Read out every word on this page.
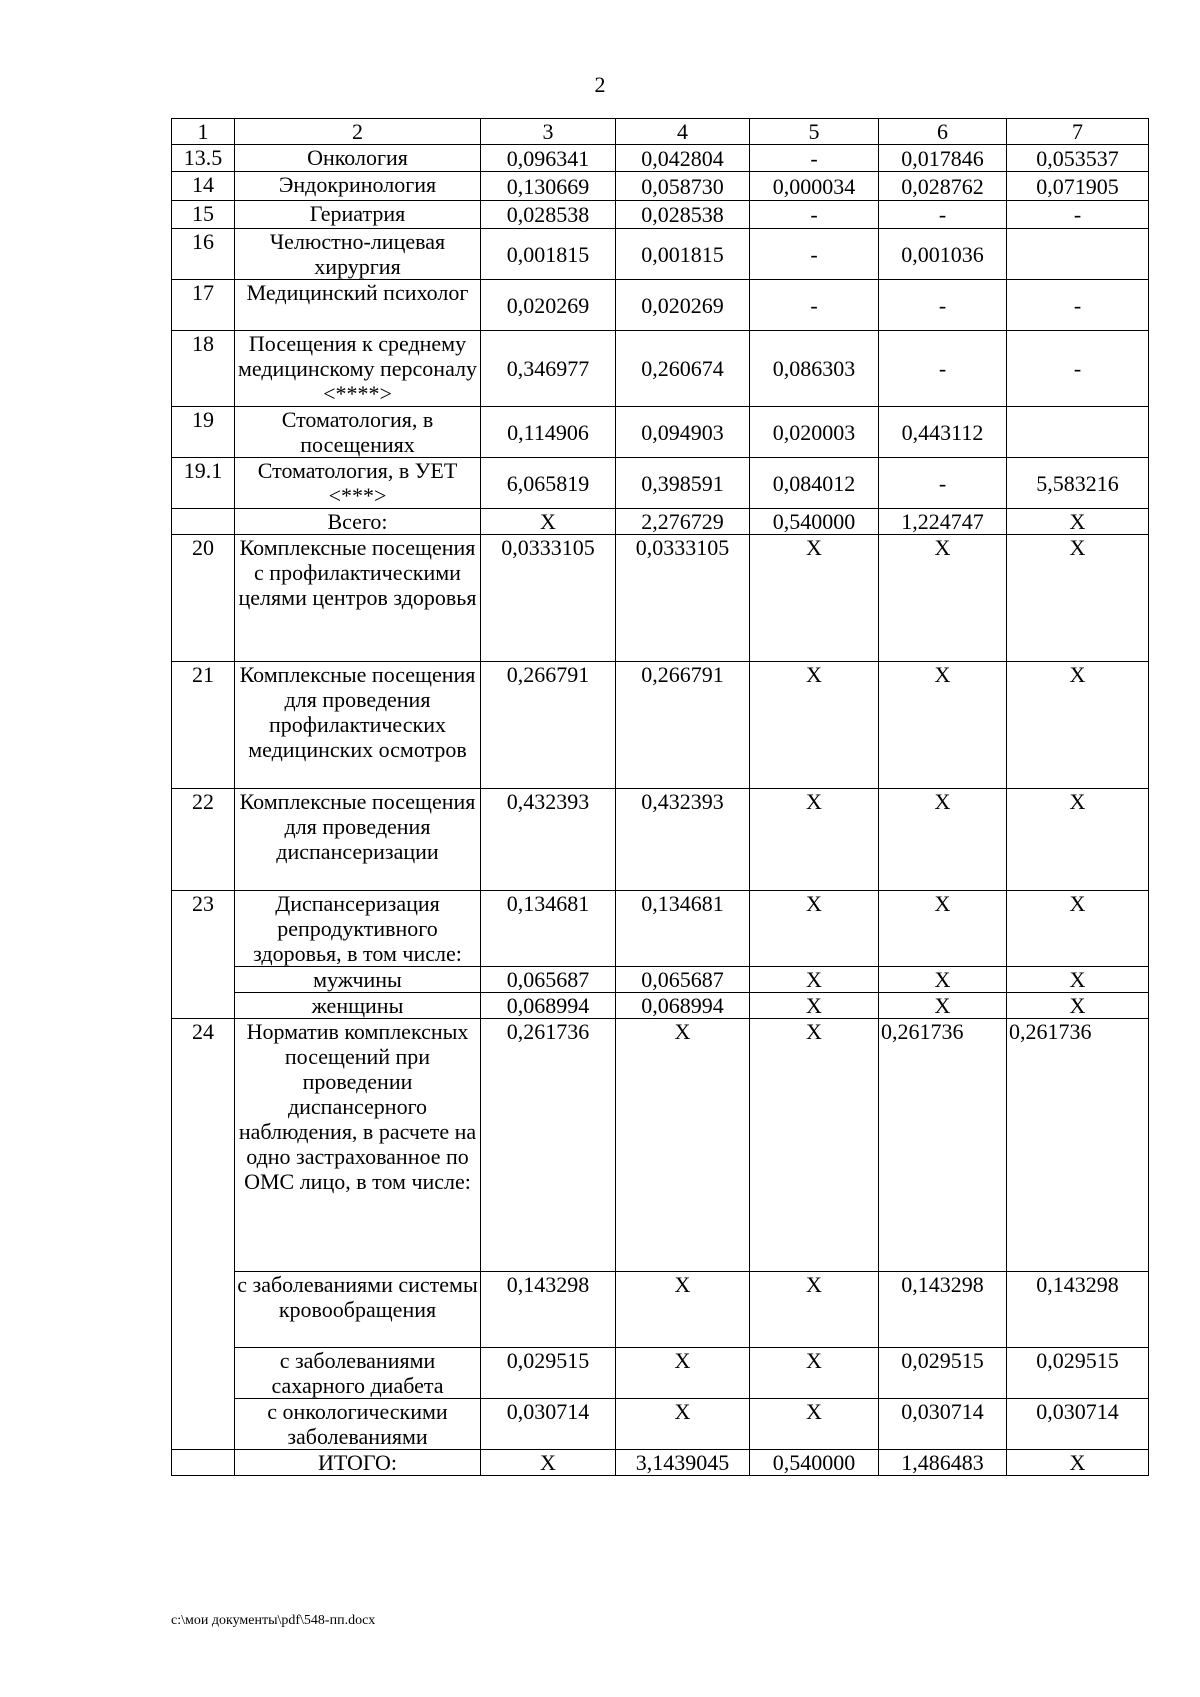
2
1	2	3	4	5	6	7
13.5	Онкология	0,096341	0,042804	-	0,017846	0,053537
14	Эндокринология	0,130669	0,058730	0,000034	0,028762	0,071905
15	Гериатрия	0,028538	0,028538	-	-	-
16	Челюстно-лицевая хирургия	0,001815	0,001815	-	0,001036	
17	Медицинский психолог	0,020269	0,020269	-	-	-
18	Посещения к среднему медицинскому персоналу <****>	0,346977	0,260674	0,086303	-	-
19	Стоматология, в посещениях	0,114906	0,094903	0,020003	0,443112	
19.1	Стоматология, в УЕТ <***>	6,065819	0,398591	0,084012	-	5,583216
	Всего:	X	2,276729	0,540000	1,224747	X
20	Комплексные посещения с профилактическими целями центров здоровья	0,0333105	0,0333105	X	X	X
21	Комплексные посещения для проведения профилактических медицинских осмотров	0,266791	0,266791	X	X	X
22	Комплексные посещения для проведения диспансеризации	0,432393	0,432393	X	X	X
23	Диспансеризация репродуктивного здоровья, в том числе:	0,134681	0,134681	X	X	X
	мужчины	0,065687	0,065687	X	X	X
	женщины	0,068994	0,068994	X	X	X
24	Норматив комплексных посещений при проведении диспансерного наблюдения, в расчете на одно застрахованное по ОМС лицо, в том числе:	0,261736	X	X	0,261736	0,261736
	с заболеваниями системы кровообращения	0,143298	X	X	0,143298	0,143298
	с заболеваниями сахарного диабета	0,029515	X	X	0,029515	0,029515
	с онкологическими заболеваниями	0,030714	X	X	0,030714	0,030714
	ИТОГО:	X	3,1439045	0,540000	1,486483	X
c:\мои документы\pdf\548-пп.docx
